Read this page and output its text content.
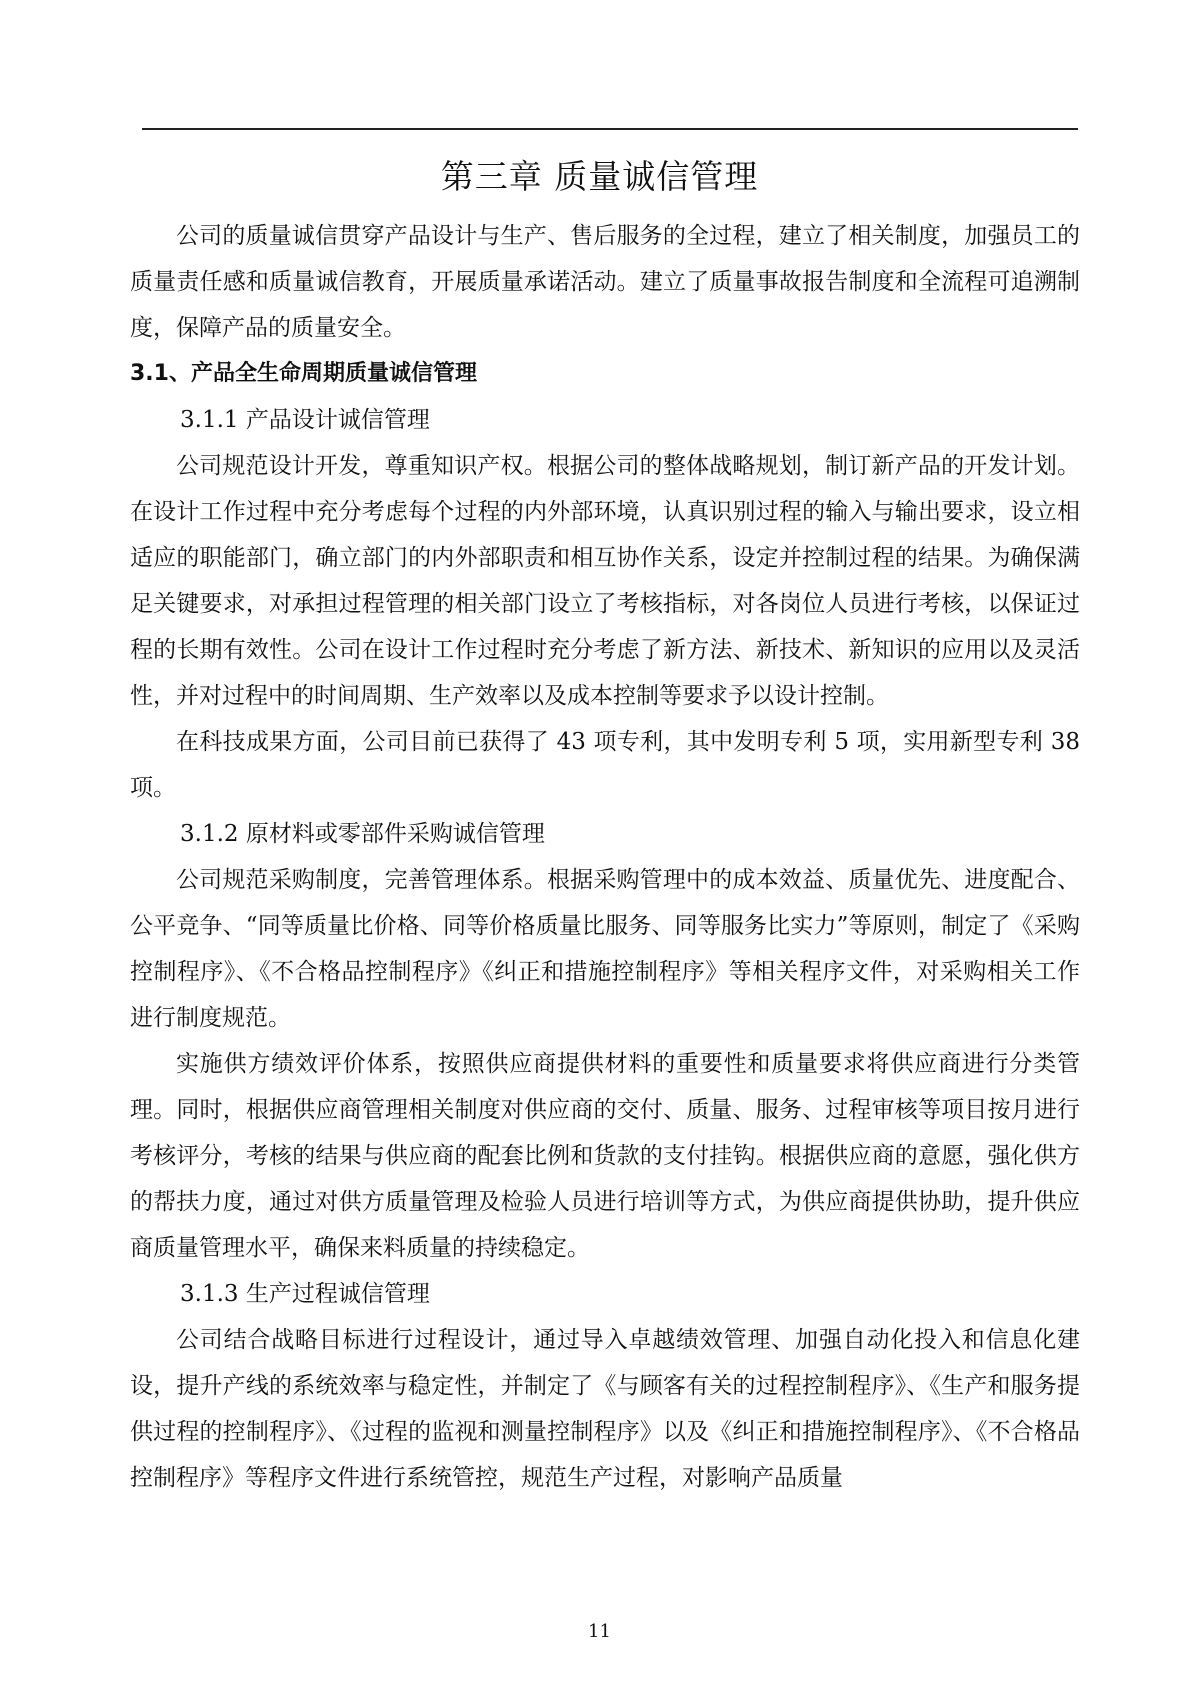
第三章 质量诚信管理

公司的质量诚信贯穿产品设计与生产、售后服务的全过程，建立了相关制度，加强员工的质量责任感和质量诚信教育，开展质量承诺活动。建立了质量事故报告制度和全流程可追溯制度，保障产品的质量安全。

3.1、产品全生命周期质量诚信管理

3.1.1 产品设计诚信管理

公司规范设计开发，尊重知识产权。根据公司的整体战略规划，制订新产品的开发计划。在设计工作过程中充分考虑每个过程的内外部环境，认真识别过程的输入与输出要求，设立相适应的职能部门，确立部门的内外部职责和相互协作关系，设定并控制过程的结果。为确保满足关键要求，对承担过程管理的相关部门设立了考核指标，对各岗位人员进行考核，以保证过程的长期有效性。公司在设计工作过程时充分考虑了新方法、新技术、新知识的应用以及灵活性，并对过程中的时间周期、生产效率以及成本控制等要求予以设计控制。

在科技成果方面，公司目前已获得了 43 项专利，其中发明专利 5 项，实用新型专利 38 项。

3.1.2 原材料或零部件采购诚信管理

公司规范采购制度，完善管理体系。根据采购管理中的成本效益、质量优先、进度配合、公平竞争、“同等质量比价格、同等价格质量比服务、同等服务比实力”等原则，制定了《采购控制程序》、《不合格品控制程序》《纠正和措施控制程序》等相关程序文件，对采购相关工作进行制度规范。

实施供方绩效评价体系，按照供应商提供材料的重要性和质量要求将供应商进行分类管理。同时，根据供应商管理相关制度对供应商的交付、质量、服务、过程审核等项目按月进行考核评分，考核的结果与供应商的配套比例和货款的支付挂钩。根据供应商的意愿，强化供方的帮扶力度，通过对供方质量管理及检验人员进行培训等方式，为供应商提供协助，提升供应商质量管理水平，确保来料质量的持续稳定。

3.1.3 生产过程诚信管理

公司结合战略目标进行过程设计，通过导入卓越绩效管理、加强自动化投入和信息化建设，提升产线的系统效率与稳定性，并制定了《与顾客有关的过程控制程序》、《生产和服务提供过程的控制程序》、《过程的监视和测量控制程序》以及《纠正和措施控制程序》、《不合格品控制程序》等程序文件进行系统管控，规范生产过程，对影响产品质量

11
